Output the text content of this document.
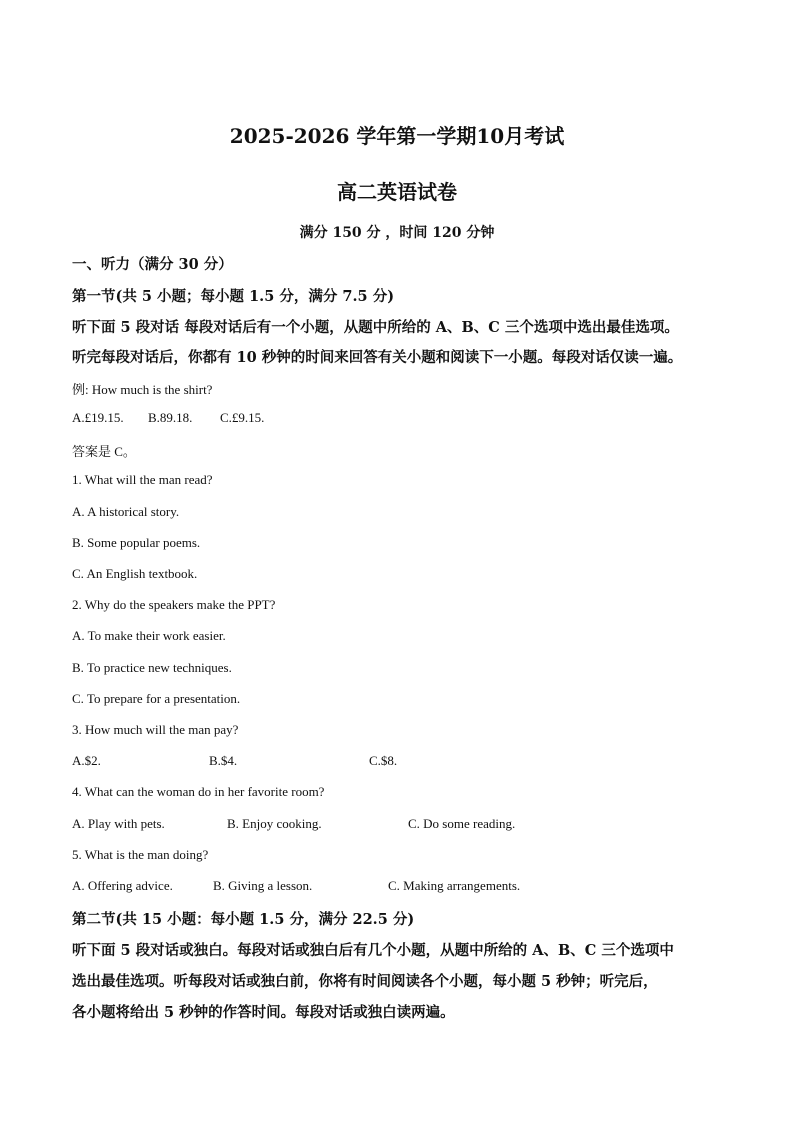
2025-2026 学年第一学期10月考试
高二英语试卷
满分 150 分 ，时间 120 分钟
一、听力（满分 30 分）
第一节(共 5 小题；每小题 1.5 分，满分 7.5 分)
听下面 5 段对话 每段对话后有一个小题，从题中所给的 A、B、C 三个选项中选出最佳选项。
听完每段对话后，你都有 10 秒钟的时间来回答有关小题和阅读下一小题。每段对话仅读一遍。
例: How much is the shirt?
A.£19.15. B.89.18. C.£9.15.
答案是 C。
1. What will the man read?
A. A historical story.
B. Some popular poems.
C. An English textbook.
2. Why do the speakers make the PPT?
A. To make their work easier.
B. To practice new techniques.
C. To prepare for a presentation.
3. How much will the man pay?
A.$2.	B.$4.	C.$8.
4. What can the woman do in her favorite room?
A. Play with pets.	B. Enjoy cooking.	C. Do some reading.
5. What is the man doing?
A. Offering advice.	B. Giving a lesson.	C. Making arrangements.
第二节(共 15 小题：每小题 1.5 分，满分 22.5 分)
听下面 5 段对话或独白。每段对话或独白后有几个小题，从题中所给的 A、B、C 三个选项中
选出最佳选项。听每段对话或独白前，你将有时间阅读各个小题，每小题 5 秒钟；听完后，
各小题将给出 5 秒钟的作答时间。每段对话或独白读两遍。
